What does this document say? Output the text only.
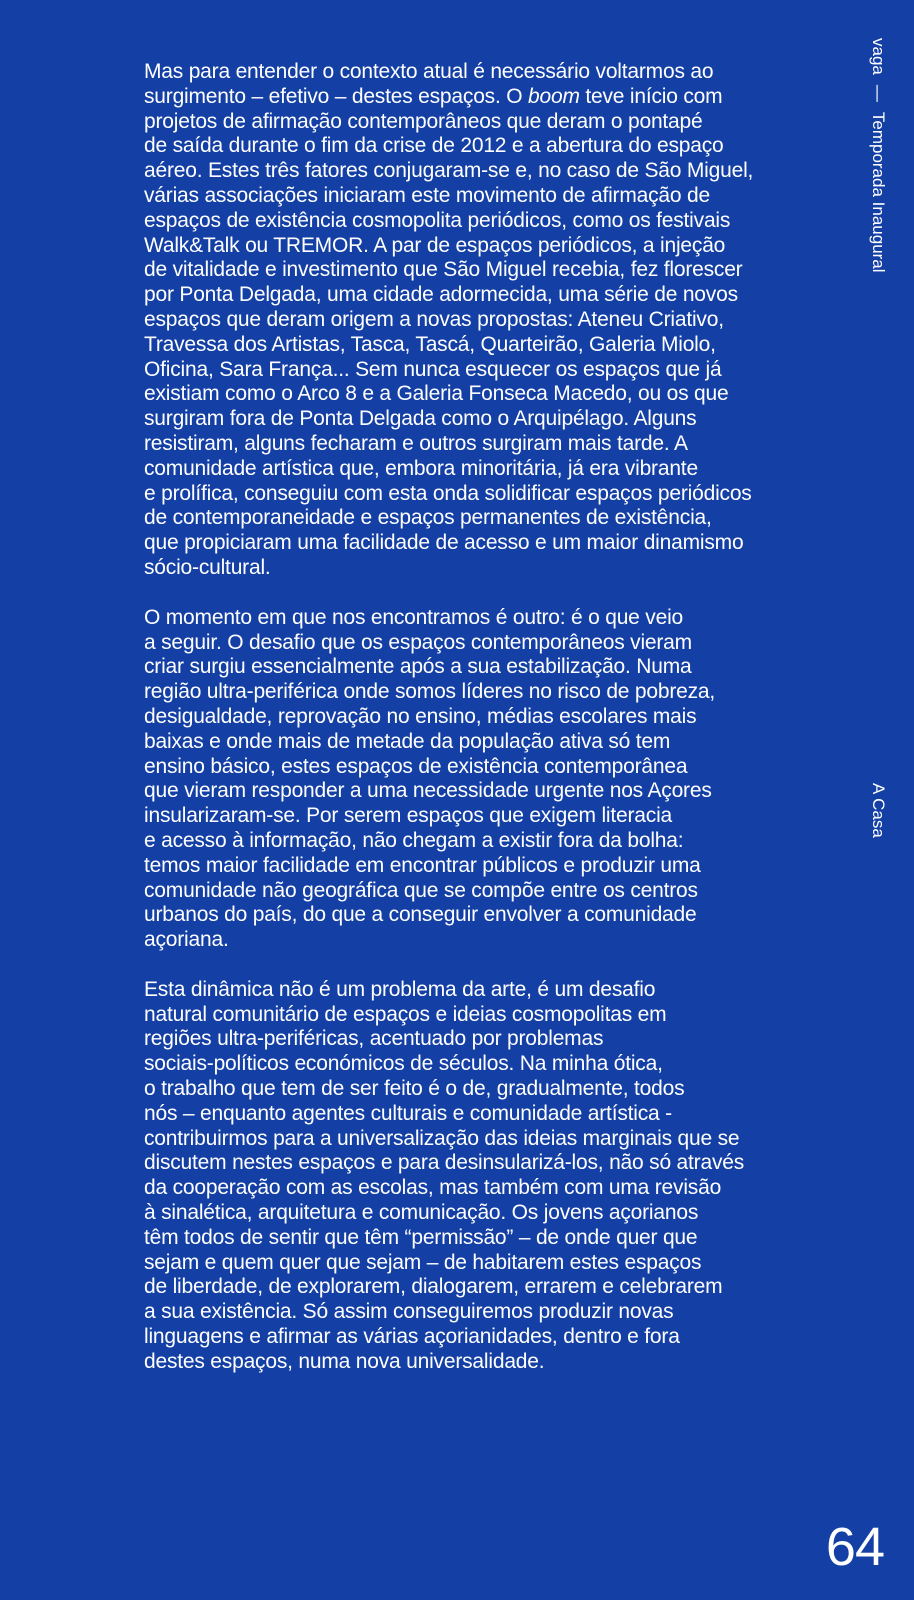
vaga—Temporada Inaugural
A Casa

Mas para entender o contexto atual é necessário voltarmos ao
surgimento – efetivo – destes espaços. O boom teve início com
projetos de afirmação contemporâneos que deram o pontapé
de saída durante o fim da crise de 2012 e a abertura do espaço
aéreo. Estes três fatores conjugaram-se e, no caso de São Miguel,
várias associações iniciaram este movimento de afirmação de
espaços de existência cosmopolita periódicos, como os festivais
Walk&Talk ou TREMOR. A par de espaços periódicos, a injeção
de vitalidade e investimento que São Miguel recebia, fez florescer
por Ponta Delgada, uma cidade adormecida, uma série de novos
espaços que deram origem a novas propostas: Ateneu Criativo,
Travessa dos Artistas, Tasca, Tascá, Quarteirão, Galeria Miolo,
Oficina, Sara França... Sem nunca esquecer os espaços que já
existiam como o Arco 8 e a Galeria Fonseca Macedo, ou os que
surgiram fora de Ponta Delgada como o Arquipélago. Alguns
resistiram, alguns fecharam e outros surgiram mais tarde. A
comunidade artística que, embora minoritária, já era vibrante
e prolífica, conseguiu com esta onda solidificar espaços periódicos
de contemporaneidade e espaços permanentes de existência,
que propiciaram uma facilidade de acesso e um maior dinamismo
sócio-cultural.

O momento em que nos encontramos é outro: é o que veio
a seguir. O desafio que os espaços contemporâneos vieram
criar surgiu essencialmente após a sua estabilização. Numa
região ultra-periférica onde somos líderes no risco de pobreza,
desigualdade, reprovação no ensino, médias escolares mais
baixas e onde mais de metade da população ativa só tem
ensino básico, estes espaços de existência contemporânea
que vieram responder a uma necessidade urgente nos Açores
insularizaram-se. Por serem espaços que exigem literacia
e acesso à informação, não chegam a existir fora da bolha:
temos maior facilidade em encontrar públicos e produzir uma
comunidade não geográfica que se compõe entre os centros
urbanos do país, do que a conseguir envolver a comunidade
açoriana.

Esta dinâmica não é um problema da arte, é um desafio
natural comunitário de espaços e ideias cosmopolitas em
regiões ultra-periféricas, acentuado por problemas
sociais-políticos económicos de séculos. Na minha ótica,
o trabalho que tem de ser feito é o de, gradualmente, todos
nós – enquanto agentes culturais e comunidade artística -
contribuirmos para a universalização das ideias marginais que se
discutem nestes espaços e para desinsularizá-los, não só através
da cooperação com as escolas, mas também com uma revisão
à sinalética, arquitetura e comunicação. Os jovens açorianos
têm todos de sentir que têm “permissão” – de onde quer que
sejam e quem quer que sejam – de habitarem estes espaços
de liberdade, de explorarem, dialogarem, errarem e celebrarem
a sua existência. Só assim conseguiremos produzir novas
linguagens e afirmar as várias açorianidades, dentro e fora
destes espaços, numa nova universalidade.

64
